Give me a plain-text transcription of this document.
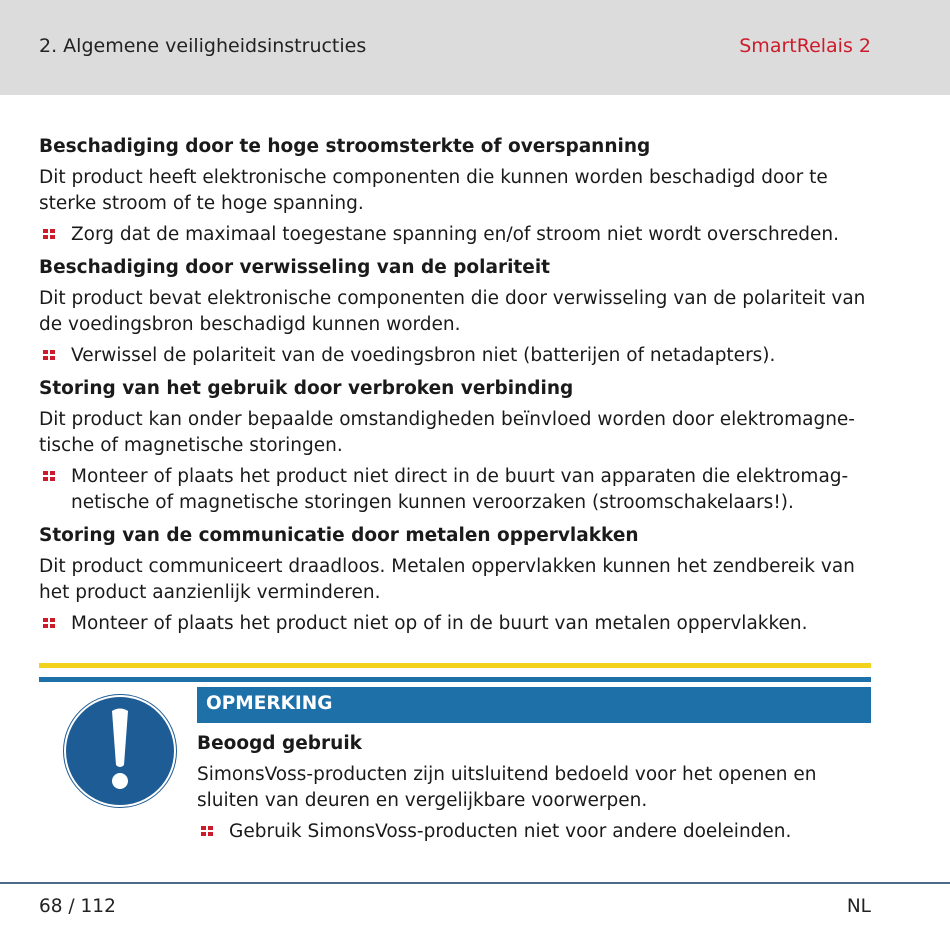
2. Algemene veiligheidsinstructies	SmartRelais 2
Beschadiging door te hoge stroomsterkte of overspanning
Dit product heeft elektronische componenten die kunnen worden beschadigd door te sterke stroom of te hoge spanning.
Zorg dat de maximaal toegestane spanning en/of stroom niet wordt overschreden.
Beschadiging door verwisseling van de polariteit
Dit product bevat elektronische componenten die door verwisseling van de polariteit van de voedingsbron beschadigd kunnen worden.
Verwissel de polariteit van de voedingsbron niet (batterijen of netadapters).
Storing van het gebruik door verbroken verbinding
Dit product kan onder bepaalde omstandigheden beïnvloed worden door elektromagne-tische of magnetische storingen.
Monteer of plaats het product niet direct in de buurt van apparaten die elektromag-netische of magnetische storingen kunnen veroorzaken (stroomschakelaars!).
Storing van de communicatie door metalen oppervlakken
Dit product communiceert draadloos. Metalen oppervlakken kunnen het zendbereik van het product aanzienlijk verminderen.
Monteer of plaats het product niet op of in de buurt van metalen oppervlakken.
OPMERKING
Beoogd gebruik
SimonsVoss-producten zijn uitsluitend bedoeld voor het openen en sluiten van deuren en vergelijkbare voorwerpen.
Gebruik SimonsVoss-producten niet voor andere doeleinden.
68 / 112	NL
